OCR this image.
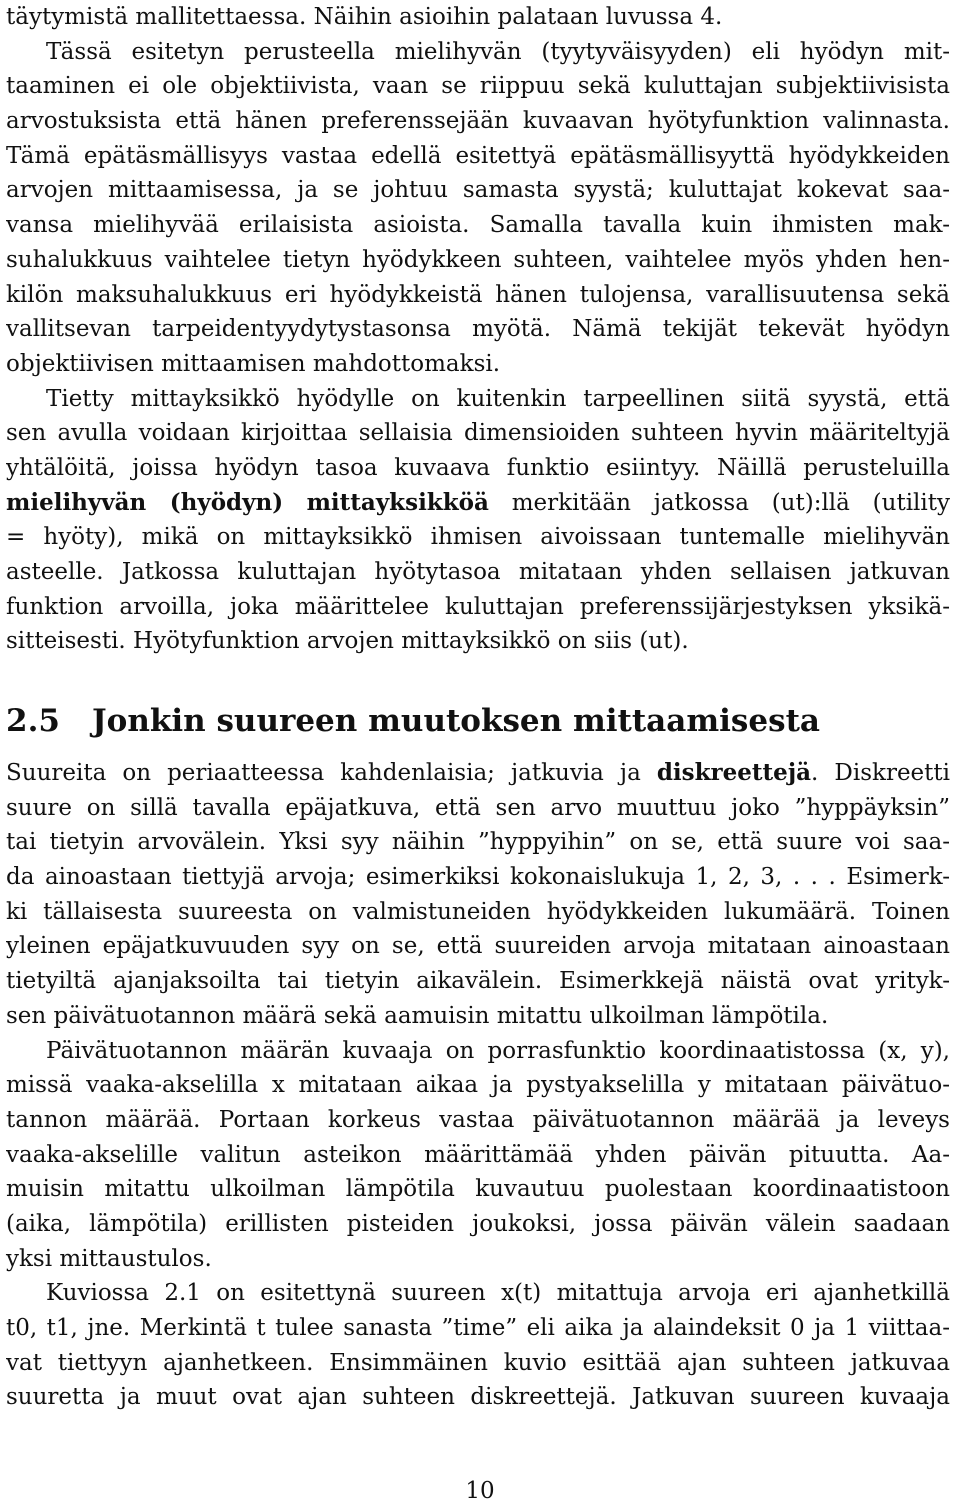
täytymistä mallitettaessa. Näihin asioihin palataan luvussa 4.
Tässä esitetyn perusteella mielihyvän (tyytyväisyyden) eli hyödyn mit-
taaminen ei ole objektiivista, vaan se riippuu sekä kuluttajan subjektiivisista
arvostuksista että hänen preferenssejään kuvaavan hyötyfunktion valinnasta.
Tämä epätäsmällisyys vastaa edellä esitettyä epätäsmällisyyttä hyödykkeiden
arvojen mittaamisessa, ja se johtuu samasta syystä; kuluttajat kokevat saa-
vansa mielihyvää erilaisista asioista. Samalla tavalla kuin ihmisten mak-
suhalukkuus vaihtelee tietyn hyödykkeen suhteen, vaihtelee myös yhden hen-
kilön maksuhalukkuus eri hyödykkeistä hänen tulojensa, varallisuutensa sekä
vallitsevan tarpeidentyydytystasonsa myötä. Nämä tekijät tekevät hyödyn
objektiivisen mittaamisen mahdottomaksi.
Tietty mittayksikkö hyödylle on kuitenkin tarpeellinen siitä syystä, että
sen avulla voidaan kirjoittaa sellaisia dimensioiden suhteen hyvin määriteltyjä
yhtälöitä, joissa hyödyn tasoa kuvaava funktio esiintyy. Näillä perusteluilla
mielihyvän (hyödyn) mittayksikköä merkitään jatkossa (ut):llä (utility
= hyöty), mikä on mittayksikkö ihmisen aivoissaan tuntemalle mielihyvän
asteelle. Jatkossa kuluttajan hyötytasoa mitataan yhden sellaisen jatkuvan
funktion arvoilla, joka määrittelee kuluttajan preferenssijärjestyksen yksikä-
sitteisesti. Hyötyfunktion arvojen mittayksikkö on siis (ut).
2.5 Jonkin suureen muutoksen mittaamisesta
Suureita on periaatteessa kahdenlaisia; jatkuvia ja diskreettejä. Diskreetti
suure on sillä tavalla epäjatkuva, että sen arvo muuttuu joko ”hyppäyksin”
tai tietyin arvovälein. Yksi syy näihin ”hyppyihin” on se, että suure voi saa-
da ainoastaan tiettyjä arvoja; esimerkiksi kokonaislukuja 1, 2, 3, . . . Esimerk-
ki tällaisesta suureesta on valmistuneiden hyödykkeiden lukumäärä. Toinen
yleinen epäjatkuvuuden syy on se, että suureiden arvoja mitataan ainoastaan
tietyiltä ajanjaksoilta tai tietyin aikavälein. Esimerkkejä näistä ovat yrityk-
sen päivätuotannon määrä sekä aamuisin mitattu ulkoilman lämpötila.
Päivätuotannon määrän kuvaaja on porrasfunktio koordinaatistossa (x, y),
missä vaaka-akselilla x mitataan aikaa ja pystyakselilla y mitataan päivätuo-
tannon määrää. Portaan korkeus vastaa päivätuotannon määrää ja leveys
vaaka-akselille valitun asteikon määrittämää yhden päivän pituutta. Aa-
muisin mitattu ulkoilman lämpötila kuvautuu puolestaan koordinaatistoon
(aika, lämpötila) erillisten pisteiden joukoksi, jossa päivän välein saadaan
yksi mittaustulos.
Kuviossa 2.1 on esitettynä suureen x(t) mitattuja arvoja eri ajanhetkillä
t0, t1, jne. Merkintä t tulee sanasta ”time” eli aika ja alaindeksit 0 ja 1 viittaa-
vat tiettyyn ajanhetkeen. Ensimmäinen kuvio esittää ajan suhteen jatkuvaa
suuretta ja muut ovat ajan suhteen diskreettejä. Jatkuvan suureen kuvaaja
10
